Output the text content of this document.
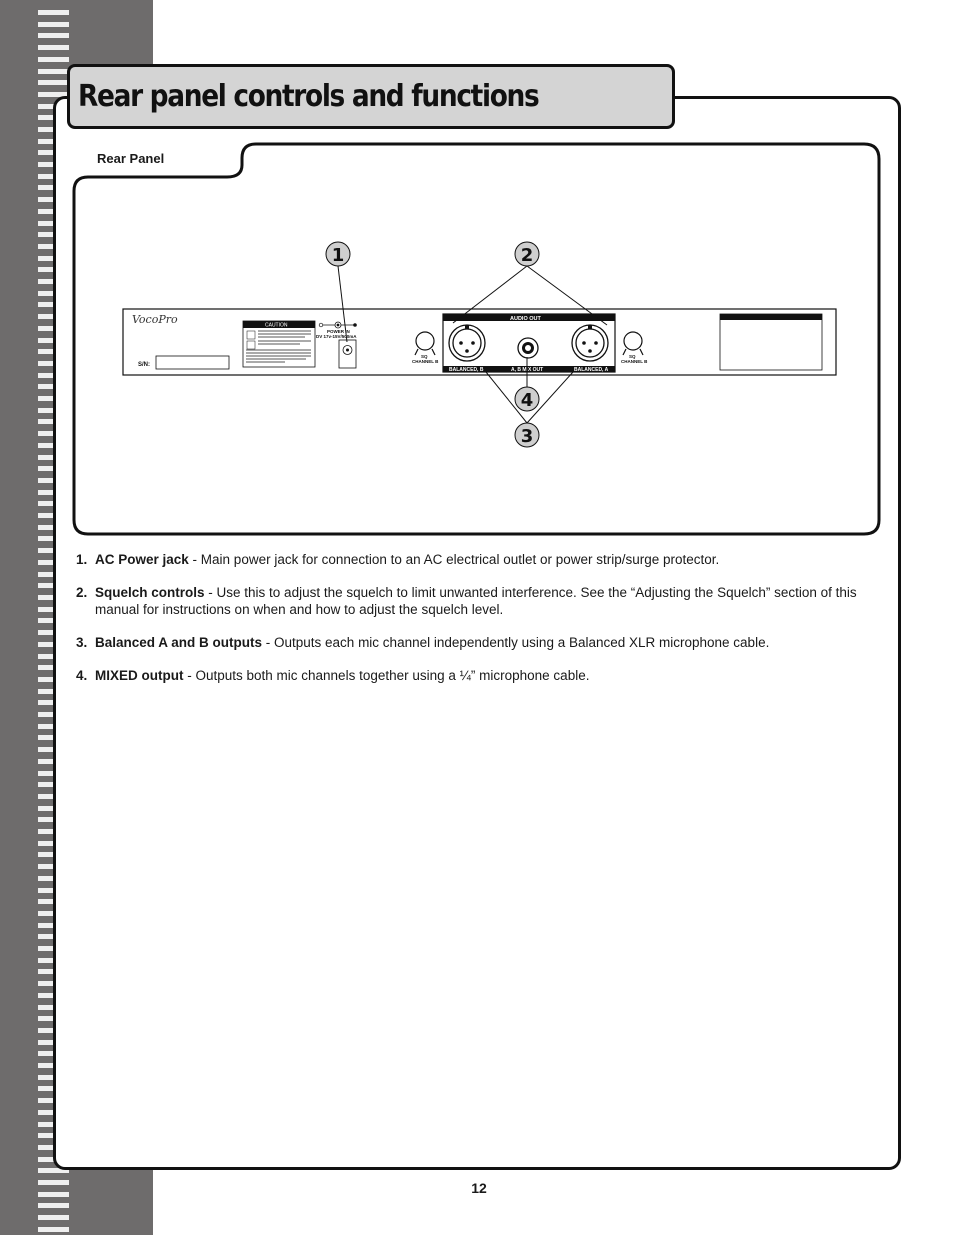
Rear panel controls and functions
VocoPro
S/N:
CAUTION
POWER IN
DV 17v-15V/500mA
SQ
CHANNEL B
AUDIO OUT
BALANCED, B	A, B MIX OUT	BALANCED, A
SQ
CHANNEL B
1	2
4
3
Rear Panel
1. AC Power jack - Main power jack for connection to an AC electrical outlet or power strip/surge protector.
2. Squelch controls - Use this to adjust the squelch to limit unwanted interference. See the “Adjusting the Squelch” section of this manual for instructions on when and how to adjust the squelch level.
3. Balanced A and B outputs - Outputs each mic channel independently using a Balanced XLR microphone cable.
4. MIXED output - Outputs both mic channels together using a ¼” microphone cable.
12
